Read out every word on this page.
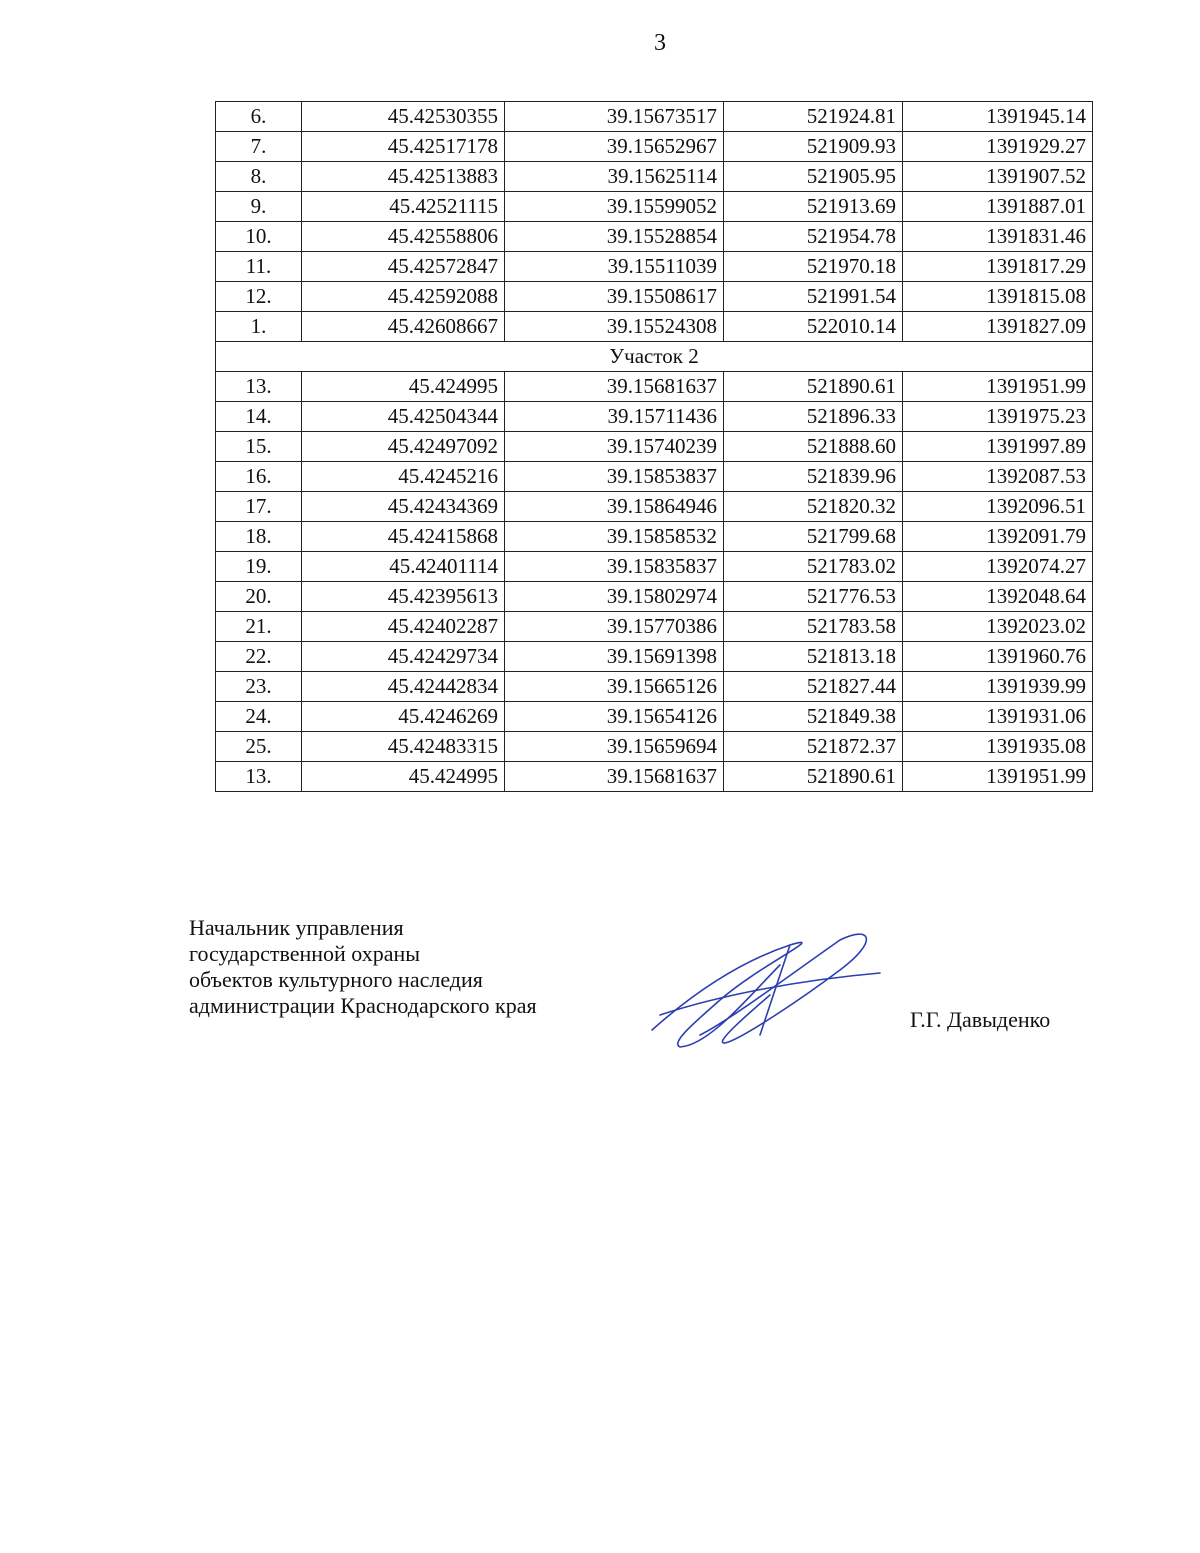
3
6.	45.42530355	39.15673517	521924.81	1391945.14
7.	45.42517178	39.15652967	521909.93	1391929.27
8.	45.42513883	39.15625114	521905.95	1391907.52
9.	45.42521115	39.15599052	521913.69	1391887.01
10.	45.42558806	39.15528854	521954.78	1391831.46
11.	45.42572847	39.15511039	521970.18	1391817.29
12.	45.42592088	39.15508617	521991.54	1391815.08
1.	45.42608667	39.15524308	522010.14	1391827.09
Участок 2				
13.	45.424995	39.15681637	521890.61	1391951.99
14.	45.42504344	39.15711436	521896.33	1391975.23
15.	45.42497092	39.15740239	521888.60	1391997.89
16.	45.4245216	39.15853837	521839.96	1392087.53
17.	45.42434369	39.15864946	521820.32	1392096.51
18.	45.42415868	39.15858532	521799.68	1392091.79
19.	45.42401114	39.15835837	521783.02	1392074.27
20.	45.42395613	39.15802974	521776.53	1392048.64
21.	45.42402287	39.15770386	521783.58	1392023.02
22.	45.42429734	39.15691398	521813.18	1391960.76
23.	45.42442834	39.15665126	521827.44	1391939.99
24.	45.4246269	39.15654126	521849.38	1391931.06
25.	45.42483315	39.15659694	521872.37	1391935.08
13.	45.424995	39.15681637	521890.61	1391951.99
Начальник управления
государственной охраны
объектов культурного наследия
администрации Краснодарского края
Г.Г. Давыденко
